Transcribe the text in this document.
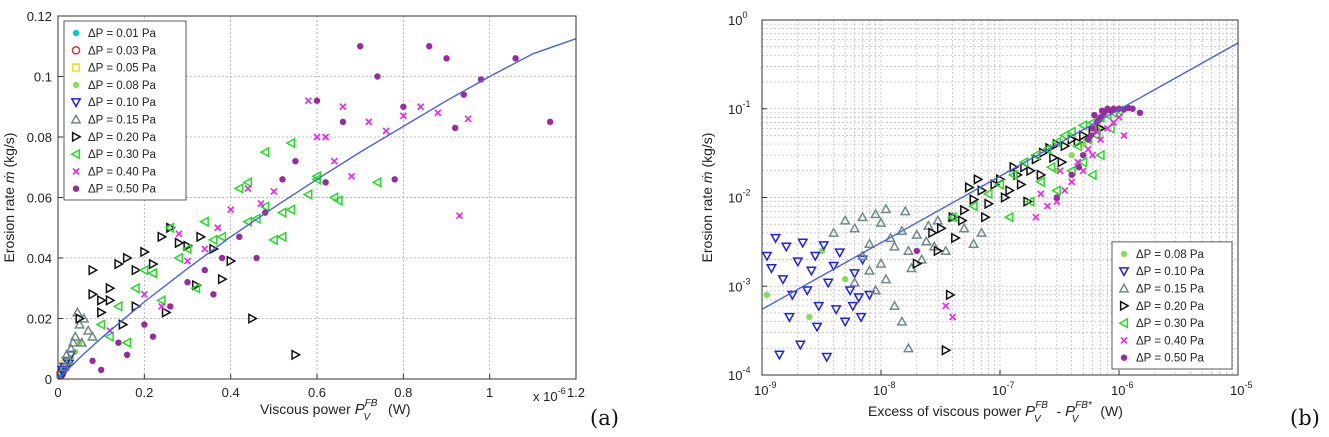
0	0.2	0.4	0.6	0.8	1	1.2
0
0.02
0.04
0.06
0.08
0.1
0.12
ΔP = 0.01 Pa
ΔP = 0.03 Pa
ΔP = 0.05 Pa
ΔP = 0.08 Pa
ΔP = 0.10 Pa
ΔP = 0.15 Pa
ΔP = 0.20 Pa
ΔP = 0.30 Pa
ΔP = 0.40 Pa
ΔP = 0.50 Pa
Viscous power $P^{FB}$ V (W)
x $10^{-6}$
Erosion rate ṁ (kg/s)
(a)
$10^{-9}$	$10^{-8}$	$10^{-7}$	$10^{-6}$	$10^{-5}$
$10^{-4}$
$10^{-3}$
$10^{-2}$
$10^{-1}$
$10^0$
ΔP = 0.08 Pa
ΔP = 0.10 Pa
ΔP = 0.15 Pa
ΔP = 0.20 Pa
ΔP = 0.30 Pa
ΔP = 0.40 Pa
ΔP = 0.50 Pa
Excess of viscous power $P^{FB}$ V - $P^{FB*}$ V (W)
Erosion rate ṁ (kg/s)
(b)
